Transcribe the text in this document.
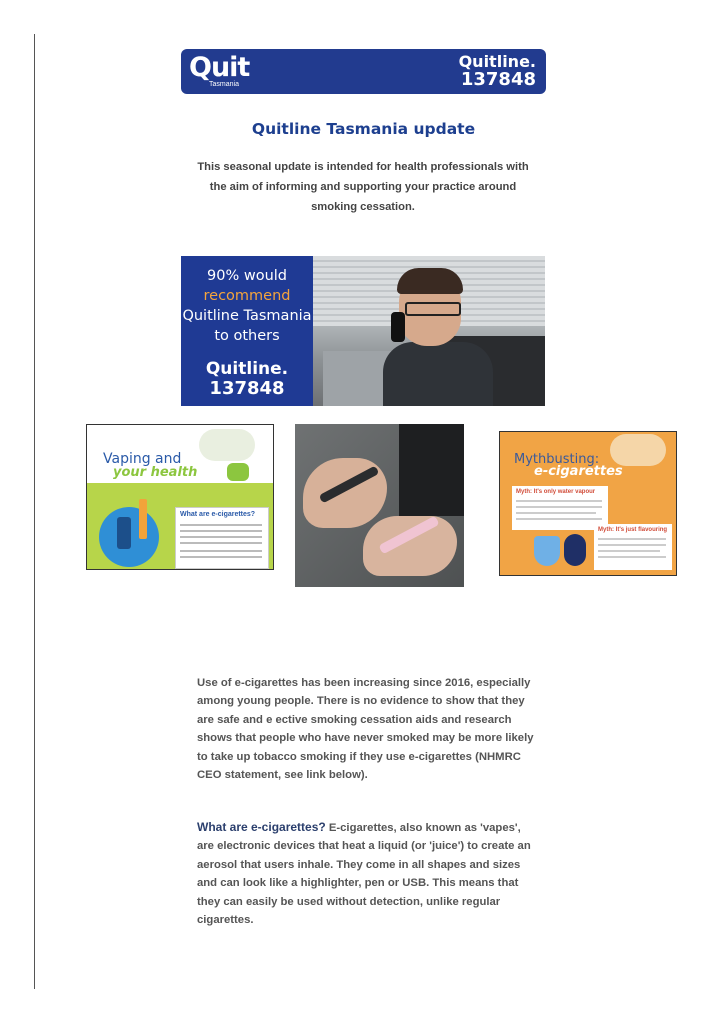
Quit
Tasmania
Quitline.
137848
Quitline Tasmania update
This seasonal update is intended for health professionals with the aim of informing and supporting your practice around smoking cessation.
90% would
recommend
Quitline Tasmania
to others
Quitline.
137848
Vaping and
your health
What are e-cigarettes?
Mythbusting:
e-cigarettes
Myth: It's only water vapour
Myth: It's just flavouring
Use of e-cigarettes has been increasing since 2016, especially among young people. There is no evidence to show that they are safe and e ective smoking cessation aids and research shows that people who have never smoked may be more likely to take up tobacco smoking if they use e-cigarettes (NHMRC CEO statement, see link below).
What are e-cigarettes? E-cigarettes, also known as 'vapes', are electronic devices that heat a liquid (or 'juice') to create an aerosol that users inhale. They come in all shapes and sizes and can look like a highlighter, pen or USB. This means that they can easily be used without detection, unlike regular cigarettes.
